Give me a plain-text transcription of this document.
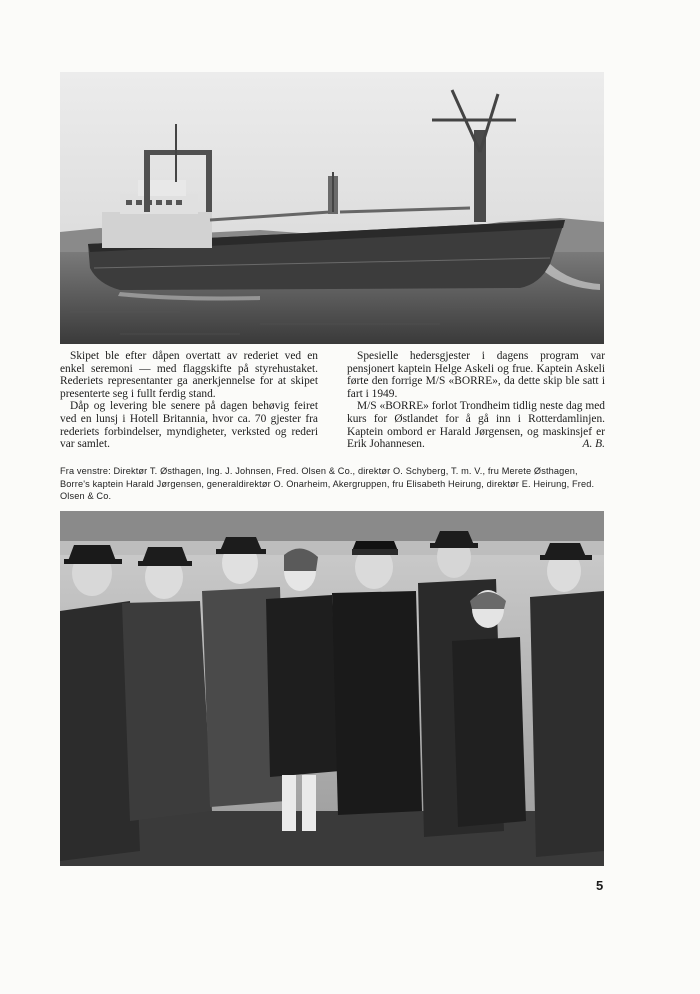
Skipet ble efter dåpen overtatt av rederiet ved en enkel seremoni — med flaggskifte på styrehustaket. Rederiets representanter ga anerkjennelse for at skipet presenterte seg i fullt ferdig stand.

Dåp og levering ble senere på dagen behøvig feiret ved en lunsj i Hotell Britannia, hvor ca. 70 gjester fra rederiets forbindelser, myndigheter, verksted og rederi var samlet.

Spesielle hedersgjester i dagens program var pensjonert kaptein Helge Askeli og frue. Kaptein Askeli førte den forrige M/S «BORRE», da dette skip ble satt i fart i 1949.

M/S «BORRE» forlot Trondheim tidlig neste dag med kurs for Østlandet for å gå inn i Rotterdamlinjen. Kaptein ombord er Harald Jørgensen, og maskinsjef er Erik Johannesen.	A. B.

Fra venstre: Direktør T. Østhagen, Ing. J. Johnsen, Fred. Olsen & Co., direktør O. Schyberg, T. m. V., fru Merete Østhagen, Borre's kaptein Harald Jørgensen, generaldirektør O. Onarheim, Akergruppen, fru Elisabeth Heirung, direktør E. Heirung, Fred. Olsen & Co.
5
